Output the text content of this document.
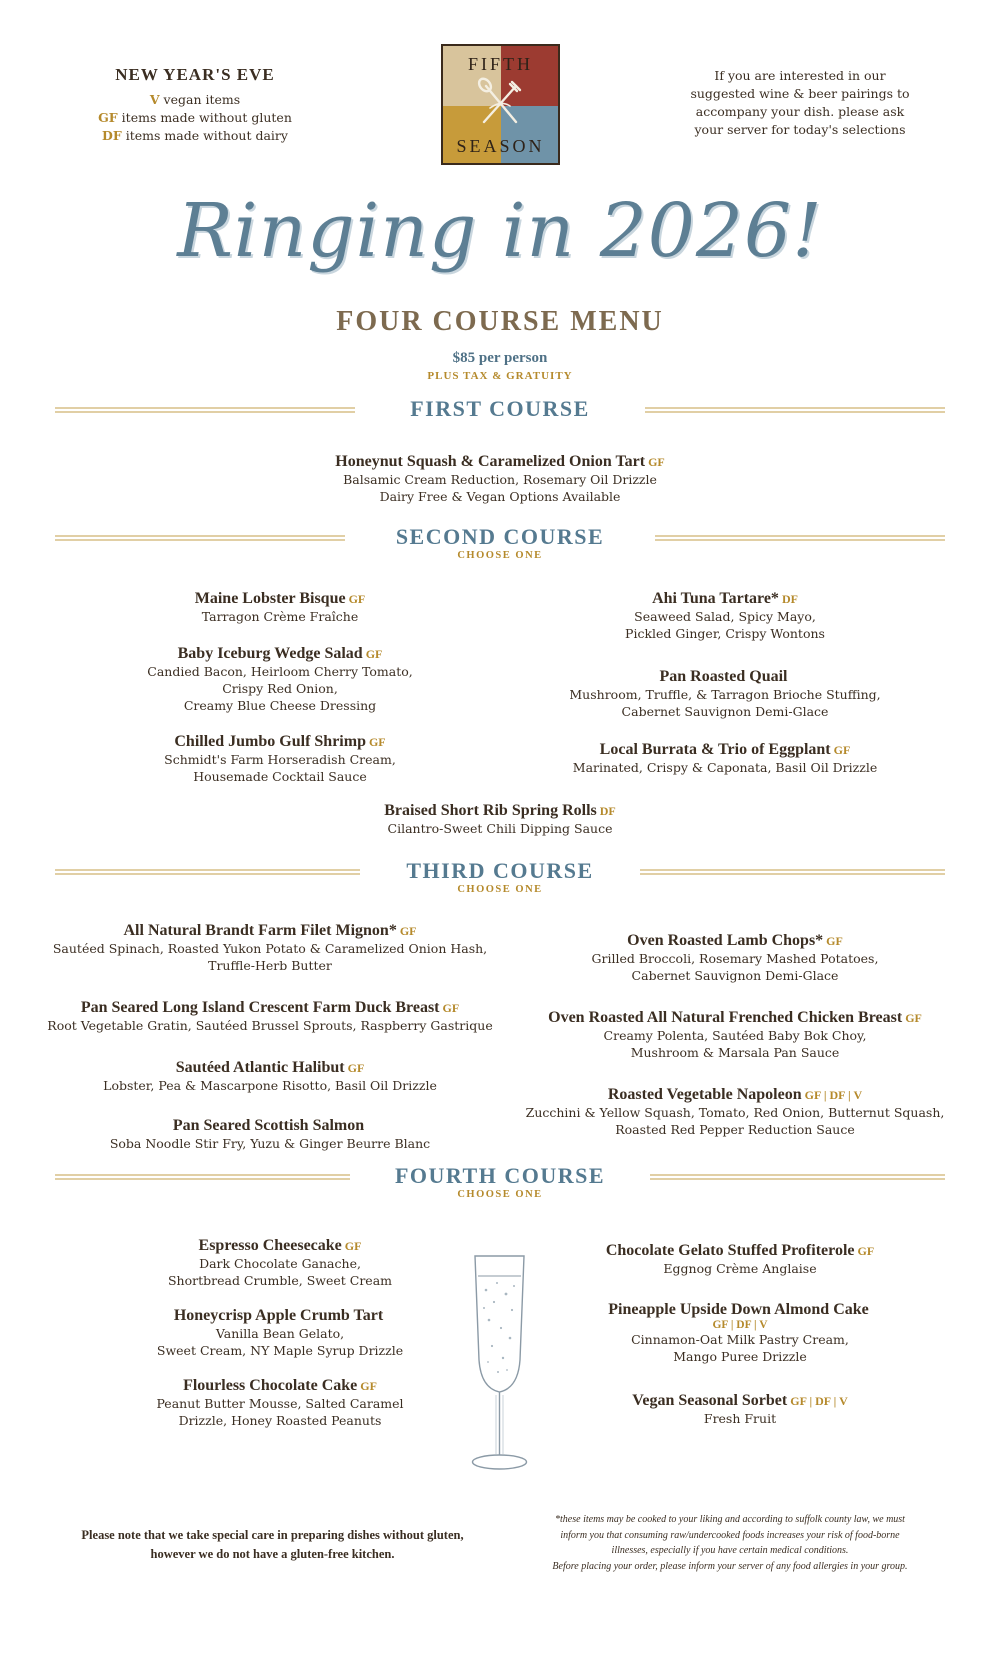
NEW YEAR'S EVE
V vegan items
GF items made without gluten
DF items made without dairy
FIFTH
SEASON
If you are interested in our suggested wine & beer pairings to accompany your dish. please ask your server for today's selections
Ringing in 2026!
FOUR COURSE MENU
$85 per person
PLUS TAX & GRATUITY
FIRST COURSE
Honeynut Squash & Caramelized Onion Tart GF
Balsamic Cream Reduction, Rosemary Oil Drizzle
Dairy Free & Vegan Options Available
SECOND COURSE
CHOOSE ONE
Maine Lobster Bisque GF
Tarragon Crème Fraîche
Baby Iceburg Wedge Salad GF
Candied Bacon, Heirloom Cherry Tomato,
Crispy Red Onion,
Creamy Blue Cheese Dressing
Chilled Jumbo Gulf Shrimp GF
Schmidt's Farm Horseradish Cream,
Housemade Cocktail Sauce
Ahi Tuna Tartare* DF
Seaweed Salad, Spicy Mayo,
Pickled Ginger, Crispy Wontons
Pan Roasted Quail
Mushroom, Truffle, & Tarragon Brioche Stuffing,
Cabernet Sauvignon Demi-Glace
Local Burrata & Trio of Eggplant GF
Marinated, Crispy & Caponata, Basil Oil Drizzle
Braised Short Rib Spring Rolls DF
Cilantro-Sweet Chili Dipping Sauce
THIRD COURSE
CHOOSE ONE
All Natural Brandt Farm Filet Mignon* GF
Sautéed Spinach, Roasted Yukon Potato & Caramelized Onion Hash,
Truffle-Herb Butter
Pan Seared Long Island Crescent Farm Duck Breast GF
Root Vegetable Gratin, Sautéed Brussel Sprouts, Raspberry Gastrique
Sautéed Atlantic Halibut GF
Lobster, Pea & Mascarpone Risotto, Basil Oil Drizzle
Pan Seared Scottish Salmon
Soba Noodle Stir Fry, Yuzu & Ginger Beurre Blanc
Oven Roasted Lamb Chops* GF
Grilled Broccoli, Rosemary Mashed Potatoes,
Cabernet Sauvignon Demi-Glace
Oven Roasted All Natural Frenched Chicken Breast GF
Creamy Polenta, Sautéed Baby Bok Choy,
Mushroom & Marsala Pan Sauce
Roasted Vegetable Napoleon GF | DF | V
Zucchini & Yellow Squash, Tomato, Red Onion, Butternut Squash,
Roasted Red Pepper Reduction Sauce
FOURTH COURSE
CHOOSE ONE
Espresso Cheesecake GF
Dark Chocolate Ganache,
Shortbread Crumble, Sweet Cream
Honeycrisp Apple Crumb Tart
Vanilla Bean Gelato,
Sweet Cream, NY Maple Syrup Drizzle
Flourless Chocolate Cake GF
Peanut Butter Mousse, Salted Caramel
Drizzle, Honey Roasted Peanuts
Chocolate Gelato Stuffed Profiterole GF
Eggnog Crème Anglaise
Pineapple Upside Down Almond Cake
GF | DF | V
Cinnamon-Oat Milk Pastry Cream,
Mango Puree Drizzle
Vegan Seasonal Sorbet GF | DF | V
Fresh Fruit
Please note that we take special care in preparing dishes without gluten, however we do not have a gluten-free kitchen.
*these items may be cooked to your liking and according to suffolk county law, we must
inform you that consuming raw/undercooked foods increases your risk of food-borne
illnesses, especially if you have certain medical conditions.
Before placing your order, please inform your server of any food allergies in your group.
